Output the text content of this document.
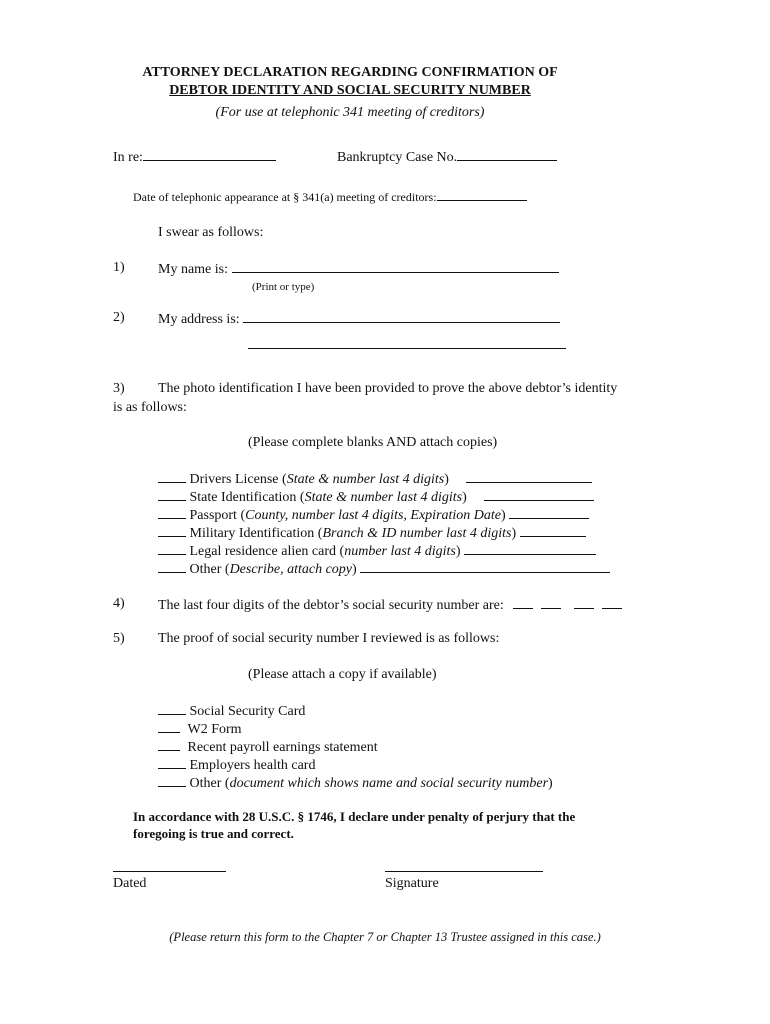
ATTORNEY DECLARATION REGARDING CONFIRMATION OF
DEBTOR IDENTITY AND SOCIAL SECURITY NUMBER
(For use at telephonic 341 meeting of creditors)
In re:	Bankruptcy Case No.
Date of telephonic appearance at § 341(a) meeting of creditors:
I swear as follows:
1) My name is:
(Print or type)
2) My address is:
3) The photo identification I have been provided to prove the above debtor’s identity
is as follows:
(Please complete blanks AND attach copies)
Drivers License (State & number last 4 digits)
State Identification (State & number last 4 digits)
Passport (County, number last 4 digits, Expiration Date)
Military Identification (Branch & ID number last 4 digits)
Legal residence alien card (number last 4 digits)
Other (Describe, attach copy)
4) The last four digits of the debtor’s social security number are:
5) The proof of social security number I reviewed is as follows:
(Please attach a copy if available)
Social Security Card
W2 Form
Recent payroll earnings statement
Employers health card
Other (document which shows name and social security number)
In accordance with 28 U.S.C. § 1746, I declare under penalty of perjury that the
foregoing is true and correct.
Dated	Signature
(Please return this form to the Chapter 7 or Chapter 13 Trustee assigned in this case.)
